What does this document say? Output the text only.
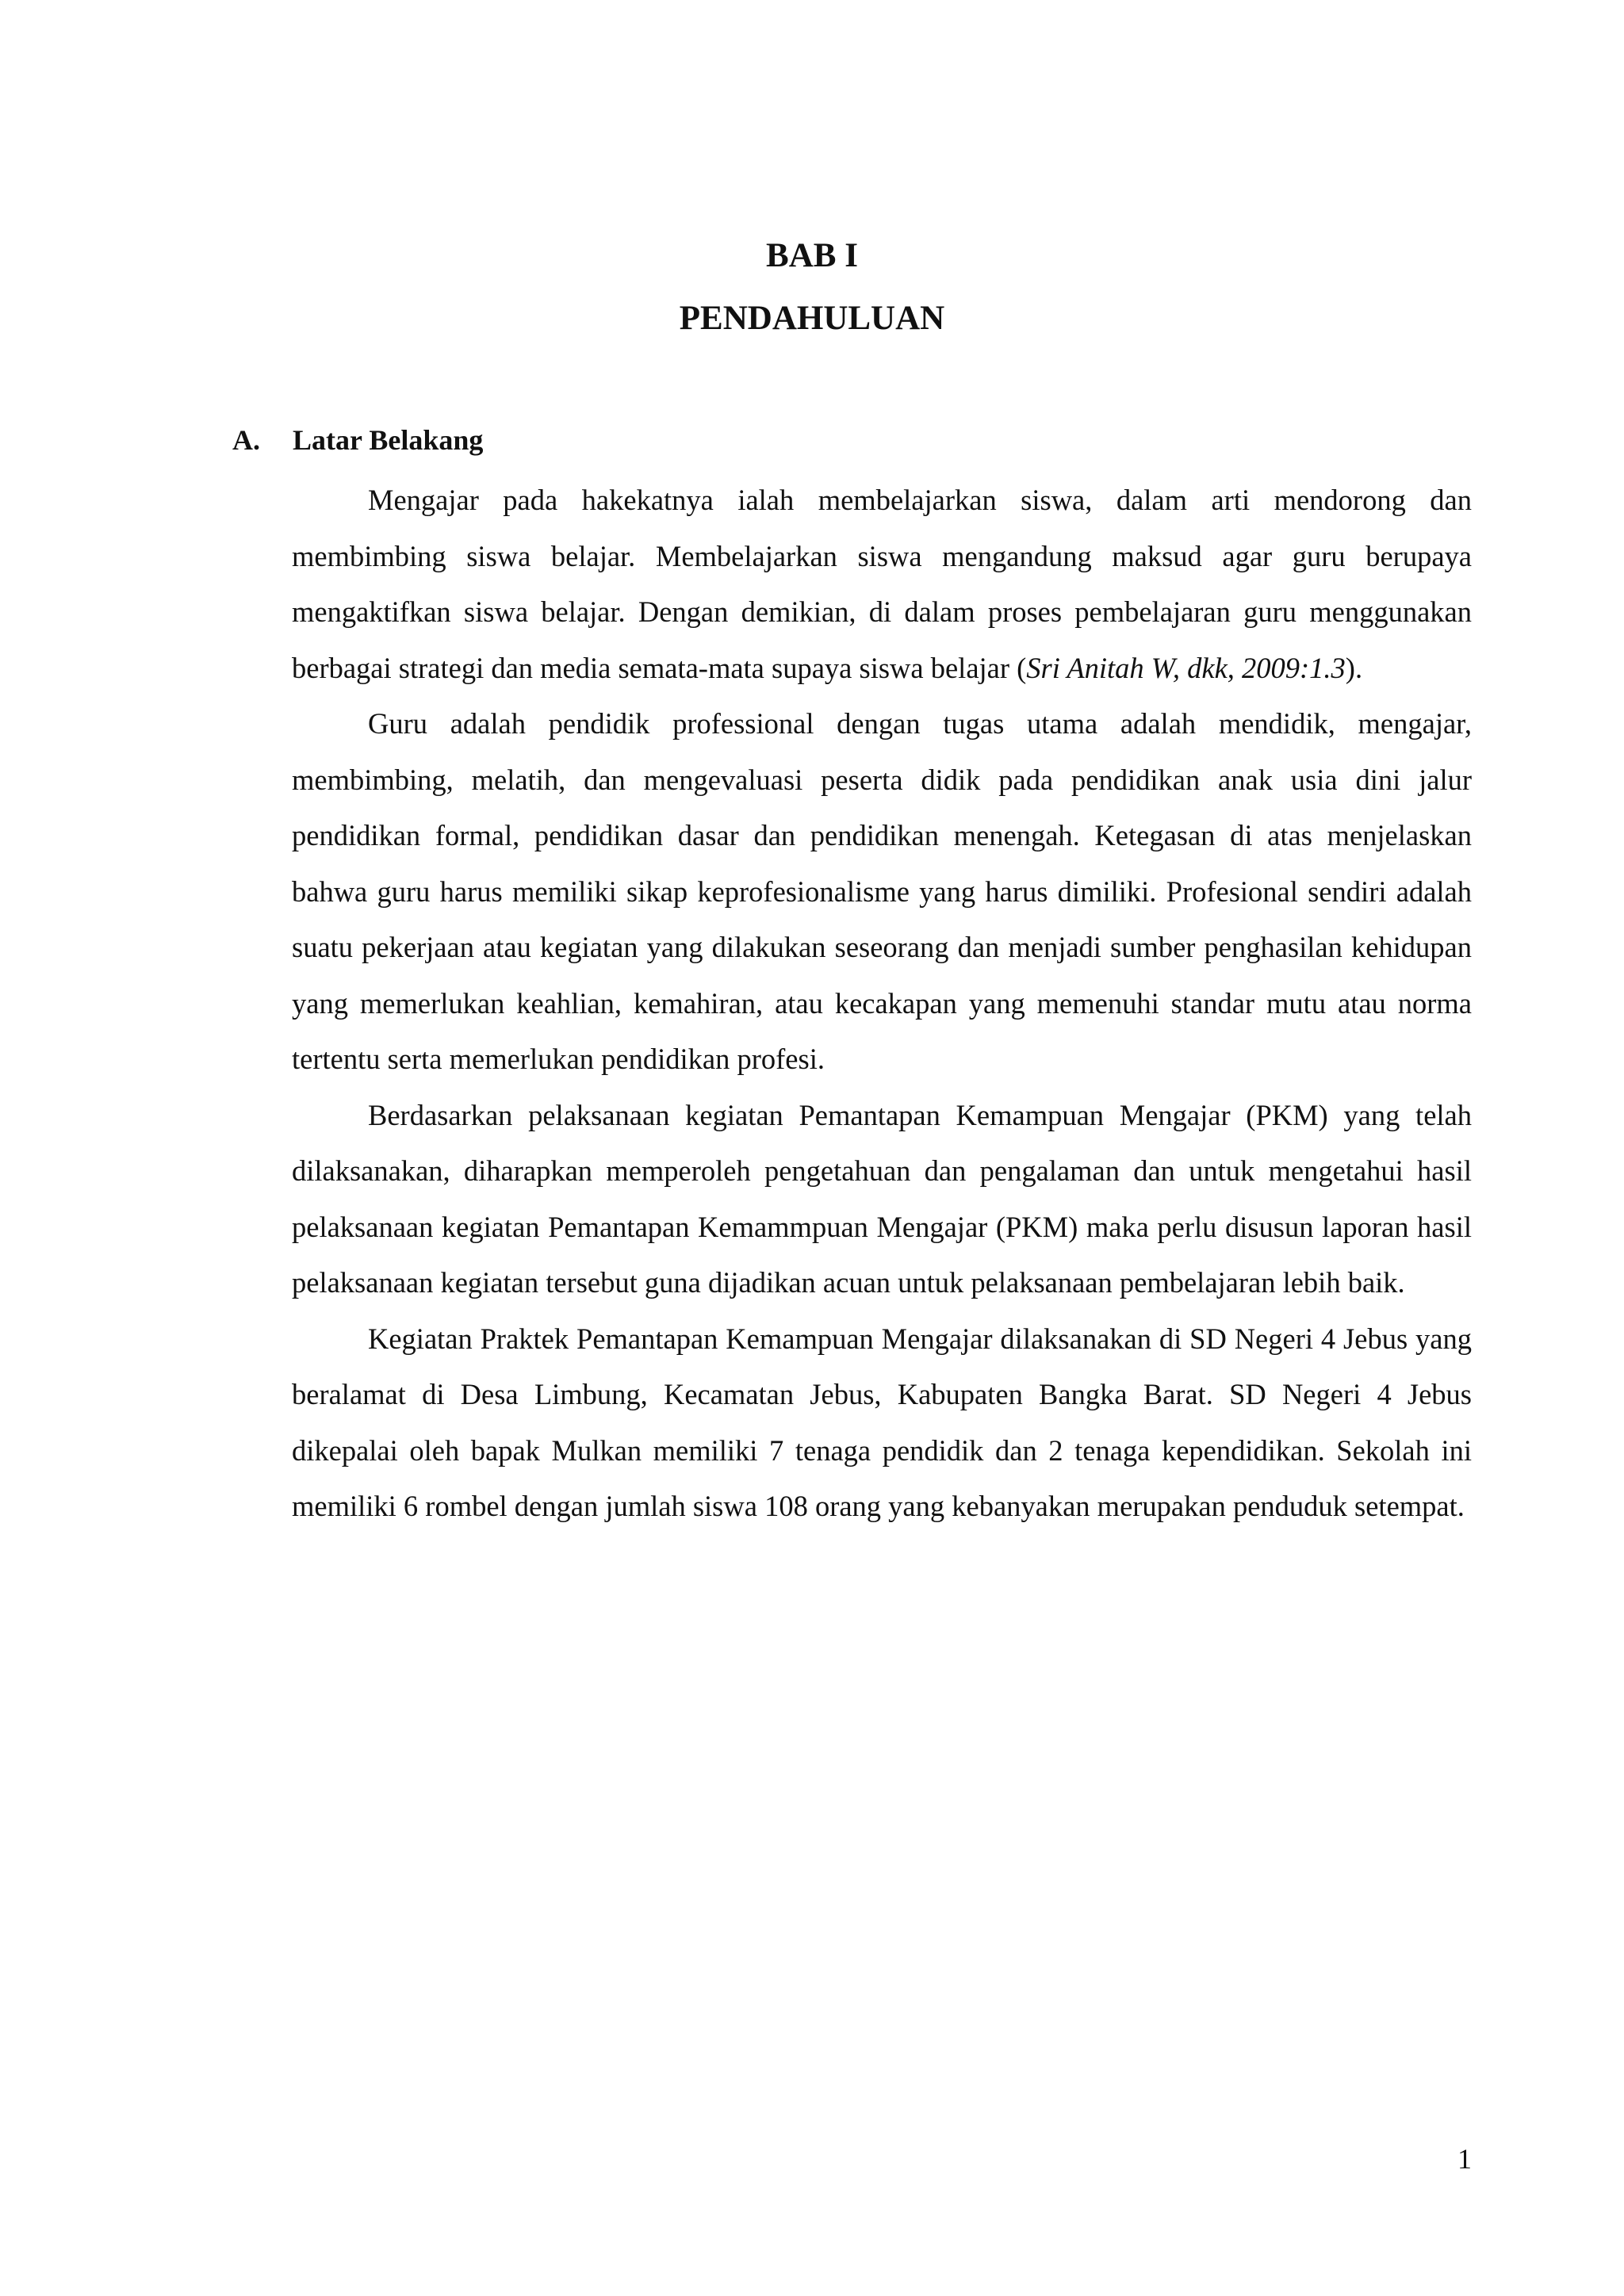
BAB I
PENDAHULUAN
A. Latar Belakang

Mengajar pada hakekatnya ialah membelajarkan siswa, dalam arti mendorong dan membimbing siswa belajar. Membelajarkan siswa mengandung maksud agar guru berupaya mengaktifkan siswa belajar. Dengan demikian, di dalam proses pembelajaran guru menggunakan berbagai strategi dan media semata-mata supaya siswa belajar (Sri Anitah W, dkk, 2009:1.3).

Guru adalah pendidik professional dengan tugas utama adalah mendidik, mengajar, membimbing, melatih, dan mengevaluasi peserta didik pada pendidikan anak usia dini jalur pendidikan formal, pendidikan dasar dan pendidikan menengah. Ketegasan di atas menjelaskan bahwa guru harus memiliki sikap keprofesionalisme yang harus dimiliki. Profesional sendiri adalah suatu pekerjaan atau kegiatan yang dilakukan seseorang dan menjadi sumber penghasilan kehidupan yang memerlukan keahlian, kemahiran, atau kecakapan yang memenuhi standar mutu atau norma tertentu serta memerlukan pendidikan profesi.

Berdasarkan pelaksanaan kegiatan Pemantapan Kemampuan Mengajar (PKM) yang telah dilaksanakan, diharapkan memperoleh pengetahuan dan pengalaman dan untuk mengetahui hasil pelaksanaan kegiatan Pemantapan Kemammpuan Mengajar (PKM) maka perlu disusun laporan hasil pelaksanaan kegiatan tersebut guna dijadikan acuan untuk pelaksanaan pembelajaran lebih baik.

Kegiatan Praktek Pemantapan Kemampuan Mengajar dilaksanakan di SD Negeri 4 Jebus yang beralamat di Desa Limbung, Kecamatan Jebus, Kabupaten Bangka Barat. SD Negeri 4 Jebus dikepalai oleh bapak Mulkan memiliki 7 tenaga pendidik dan 2 tenaga kependidikan. Sekolah ini memiliki 6 rombel dengan jumlah siswa 108 orang yang kebanyakan merupakan penduduk setempat.

1
